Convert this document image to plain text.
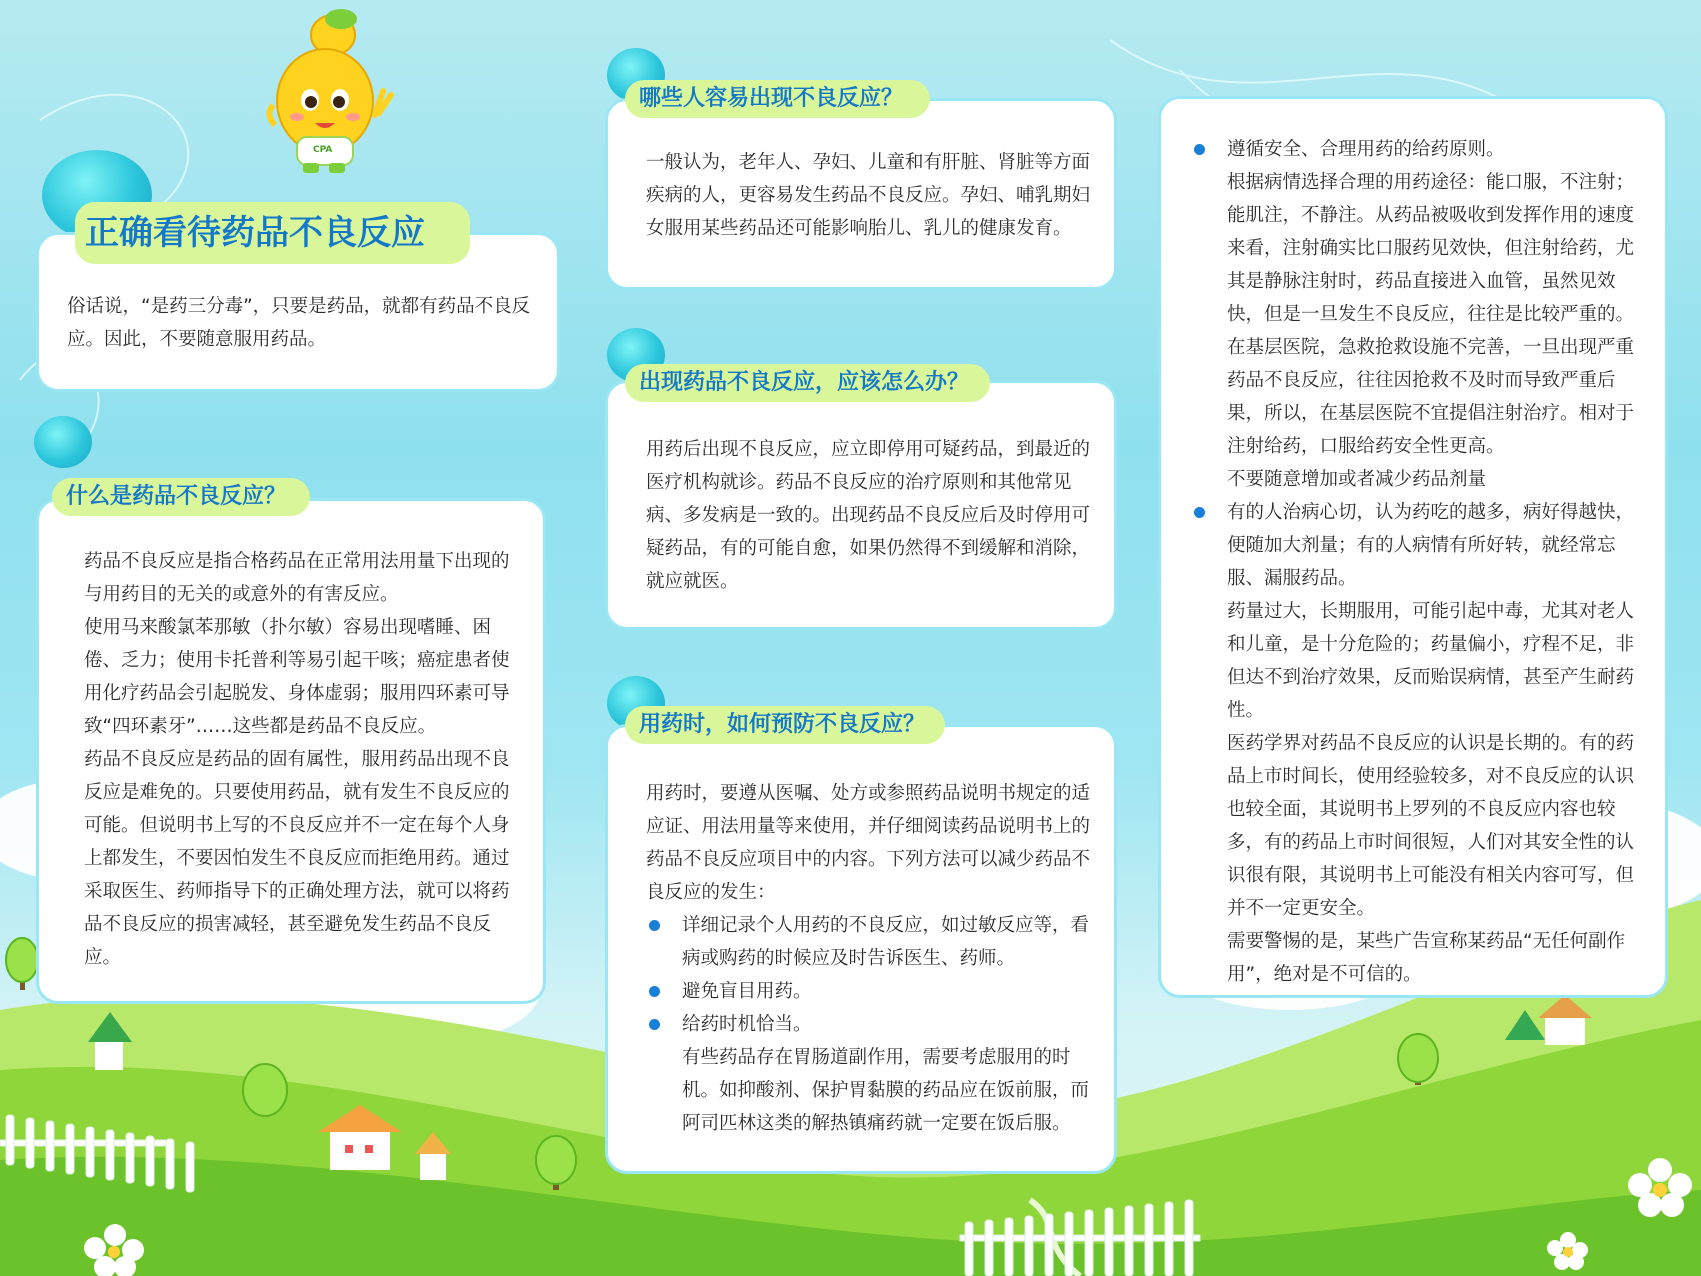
CPA

俗话说，“是药三分毒”，只要是药品，就都有药品不良反应。因此，不要随意服用药品。

正确看待药品不良反应

药品不良反应是指合格药品在正常用法用量下出现的与用药目的无关的或意外的有害反应。

使用马来酸氯苯那敏（扑尔敏）容易出现嗜睡、困倦、乏力；使用卡托普利等易引起干咳；癌症患者使用化疗药品会引起脱发、身体虚弱；服用四环素可导致“四环素牙”……这些都是药品不良反应。

药品不良反应是药品的固有属性，服用药品出现不良反应是难免的。只要使用药品，就有发生不良反应的可能。但说明书上写的不良反应并不一定在每个人身上都发生，不要因怕发生不良反应而拒绝用药。通过采取医生、药师指导下的正确处理方法，就可以将药品不良反应的损害减轻，甚至避免发生药品不良反应。

什么是药品不良反应？

一般认为，老年人、孕妇、儿童和有肝脏、肾脏等方面疾病的人，更容易发生药品不良反应。孕妇、哺乳期妇女服用某些药品还可能影响胎儿、乳儿的健康发育。

哪些人容易出现不良反应？

用药后出现不良反应，应立即停用可疑药品，到最近的医疗机构就诊。药品不良反应的治疗原则和其他常见病、多发病是一致的。出现药品不良反应后及时停用可疑药品，有的可能自愈，如果仍然得不到缓解和消除，就应就医。

出现药品不良反应，应该怎么办？

用药时，要遵从医嘱、处方或参照药品说明书规定的适应证、用法用量等来使用，并仔细阅读药品说明书上的药品不良反应项目中的内容。下列方法可以减少药品不良反应的发生：

详细记录个人用药的不良反应，如过敏反应等，看病或购药的时候应及时告诉医生、药师。

避免盲目用药。

给药时机恰当。

有些药品存在胃肠道副作用，需要考虑服用的时机。如抑酸剂、保护胃黏膜的药品应在饭前服，而阿司匹林这类的解热镇痛药就一定要在饭后服。

用药时，如何预防不良反应？

遵循安全、合理用药的给药原则。

根据病情选择合理的用药途径：能口服，不注射；能肌注，不静注。从药品被吸收到发挥作用的速度来看，注射确实比口服药见效快，但注射给药，尤其是静脉注射时，药品直接进入血管，虽然见效快，但是一旦发生不良反应，往往是比较严重的。在基层医院，急救抢救设施不完善，一旦出现严重药品不良反应，往往因抢救不及时而导致严重后果，所以，在基层医院不宜提倡注射治疗。相对于注射给药，口服给药安全性更高。

不要随意增加或者减少药品剂量

有的人治病心切，认为药吃的越多，病好得越快，便随加大剂量；有的人病情有所好转，就经常忘服、漏服药品。

药量过大，长期服用，可能引起中毒，尤其对老人和儿童，是十分危险的；药量偏小，疗程不足，非但达不到治疗效果，反而贻误病情，甚至产生耐药性。

医药学界对药品不良反应的认识是长期的。有的药品上市时间长，使用经验较多，对不良反应的认识也较全面，其说明书上罗列的不良反应内容也较多，有的药品上市时间很短，人们对其安全性的认识很有限，其说明书上可能没有相关内容可写，但并不一定更安全。

需要警惕的是，某些广告宣称某药品“无任何副作用”，绝对是不可信的。
